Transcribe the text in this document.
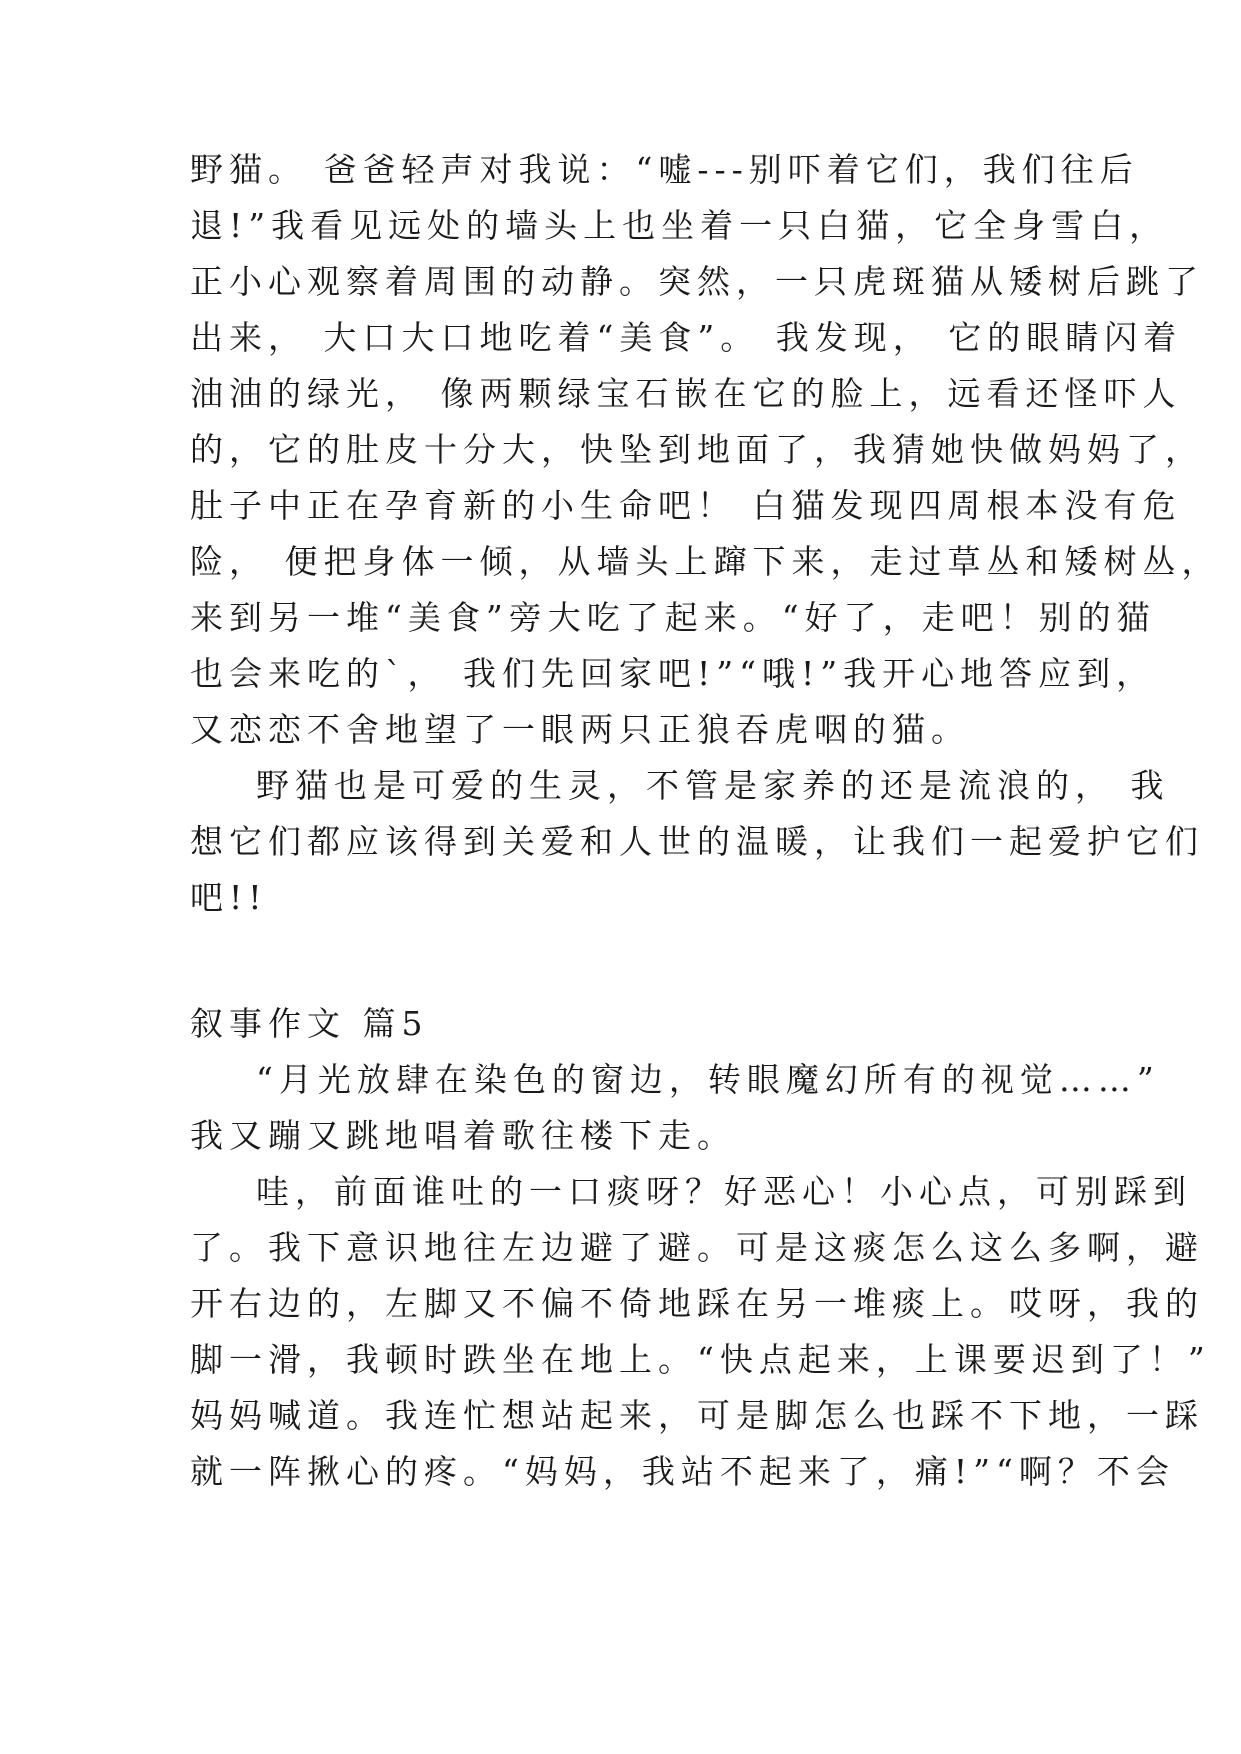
野猫。 爸爸轻声对我说：“嘘---别吓着它们，我们往后
退!”我看见远处的墙头上也坐着一只白猫，它全身雪白，
正小心观察着周围的动静。突然，一只虎斑猫从矮树后跳了
出来， 大口大口地吃着“美食”。 我发现， 它的眼睛闪着
油油的绿光， 像两颗绿宝石嵌在它的脸上，远看还怪吓人
的，它的肚皮十分大，快坠到地面了，我猜她快做妈妈了，
肚子中正在孕育新的小生命吧！ 白猫发现四周根本没有危
险， 便把身体一倾，从墙头上蹿下来，走过草丛和矮树丛，
来到另一堆“美食”旁大吃了起来。“好了，走吧！别的猫
也会来吃的`， 我们先回家吧!”“哦!”我开心地答应到，
又恋恋不舍地望了一眼两只正狼吞虎咽的猫。
野猫也是可爱的生灵，不管是家养的还是流浪的， 我
想它们都应该得到关爱和人世的温暖，让我们一起爱护它们
吧!!
叙事作文 篇5
“月光放肆在染色的窗边，转眼魔幻所有的视觉……”
我又蹦又跳地唱着歌往楼下走。
哇，前面谁吐的一口痰呀？好恶心！小心点，可别踩到
了。我下意识地往左边避了避。可是这痰怎么这么多啊，避
开右边的，左脚又不偏不倚地踩在另一堆痰上。哎呀，我的
脚一滑，我顿时跌坐在地上。“快点起来，上课要迟到了！”
妈妈喊道。我连忙想站起来，可是脚怎么也踩不下地，一踩
就一阵揪心的疼。“妈妈，我站不起来了，痛!”“啊？不会
